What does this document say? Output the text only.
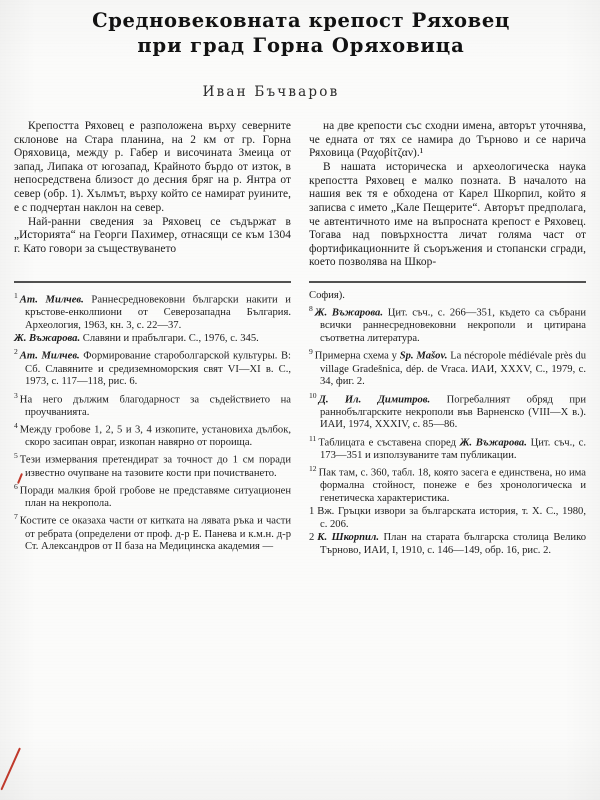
Средновековната крепост Ряховец
при град Горна Оряховица
Иван Бъчваров

Крепостта Ряховец е разположена върху северните склонове на Стара планина, на 2 км от гр. Горна Оряховица, между р. Габер и височината Змеица от запад, Липака от югозапад, Крайното бърдо от изток, в непосредствена близост до десния бряг на р. Янтра от север (обр. 1). Хълмът, върху който се намират руините, е с подчертан наклон на север.

Най-ранни сведения за Ряховец се съдържат в „Историята“ на Георги Пахимер, отнасящи се към 1304 г. Като говори за съществуването

на две крепости със сходни имена, авторът уточнява, че едната от тях се намира до Търново и се нарича Ряховица (Ραχοβίτζαν).¹

В нашата историческа и археологическа наука крепостта Ряховец е малко позната. В началото на нашия век тя е обходена от Карел Шкорпил, който я записва с името „Кале Пещерите“. Авторът предполага, че автентичното име на въпросната крепост е Ряховец. Тогава над повърхността личат голяма част от фортификационните й съоръжения и стопански сгради, което позволява на Шкор-

$^1$ Ат. Милчев. Раннесредновековни български накити и кръстове-енколпиони от Северозападна България. Археология, 1963, кн. 3, с. 22—37.

Ж. Въжарова. Славяни и прабългари. С., 1976, с. 345.

$^2$ Ат. Милчев. Формирование староболгарской культуры. В: Сб. Славяните и средиземноморския свят VI—XI в. С., 1973, с. 117—118, рис. 6.

$^3$ На него дължим благодарност за съдействието на проучванията.

$^4$ Между гробове 1, 2, 5 и 3, 4 изкопите, установиха дълбок, скоро засипан овраг, изкопан навярно от пороища.

$^5$ Тези измервания претендират за точност до 1 см поради известно очупване на тазовите кости при почистването.

$^6$ Поради малкия брой гробове не представяме ситуационен план на некропола.

$^7$ Костите се оказаха части от китката на лявата ръка и части от ребрата (определени от проф. д-р Е. Панева и к.м.н. д-р Ст. Александров от II база на Медицинска академия —

София).

$^8$ Ж. Въжарова. Цит. съч., с. 266—351, където са събрани всички раннесредновековни некрополи и цитирана съответна литература.

$^9$ Примерна схема у Sp. Mašov. La nécropole médiévale près du village Gradešnica, dép. de Vraca. ИАИ, XXXV, С., 1979, с. 34, фиг. 2.

$^{10}$ Д. Ил. Димитров. Погребалният обряд при раннобългарските некрополи във Варненско (VIII—X в.). ИАИ, 1974, XXXIV, с. 85—86.

$^{11}$ Таблицата е съставена според Ж. Въжарова. Цит. съч., с. 173—351 и използуваните там публикации.

$^{12}$ Пак там, с. 360, табл. 18, която засега е единствена, но има формална стойност, понеже е без хронологическа и генетическа характеристика.

1 Вж. Гръцки извори за българската история, т. X. С., 1980, с. 206.

2 К. Шкорпил. План на старата българска столица Велико Търново, ИАИ, I, 1910, с. 146—149, обр. 16, рис. 2.
